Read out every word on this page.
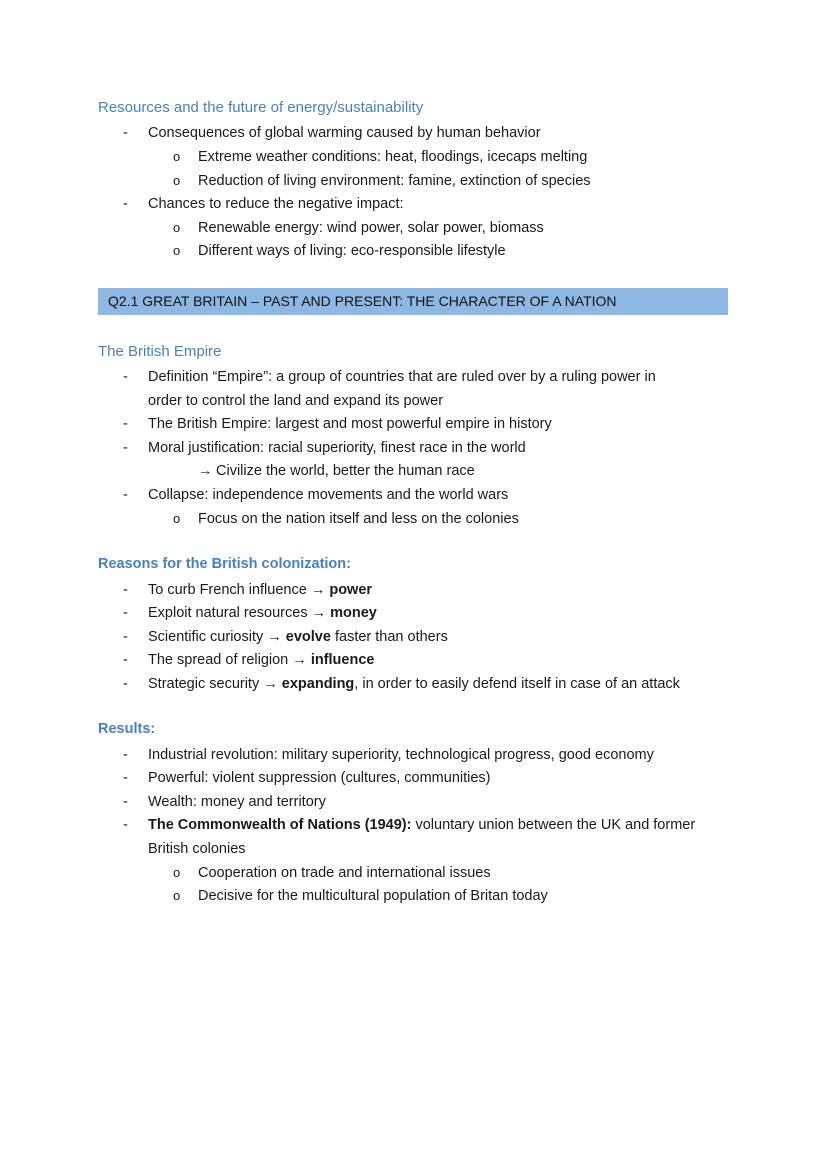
Resources and the future of energy/sustainability
-	Consequences of global warming caused by human behavior
o Extreme weather conditions: heat, floodings, icecaps melting
o Reduction of living environment: famine, extinction of species
-	Chances to reduce the negative impact:
o Renewable energy: wind power, solar power, biomass
o Different ways of living: eco-responsible lifestyle
Q2.1 GREAT BRITAIN – PAST AND PRESENT: THE CHARACTER OF A NATION
The British Empire
-	Definition “Empire”: a group of countries that are ruled over by a ruling power in
order to control the land and expand its power
-	The British Empire: largest and most powerful empire in history
-	Moral justification: racial superiority, finest race in the world
→ Civilize the world, better the human race
-	Collapse: independence movements and the world wars
o Focus on the nation itself and less on the colonies
Reasons for the British colonization:
-	To curb French influence → power
-	Exploit natural resources → money
-	Scientific curiosity → evolve faster than others
-	The spread of religion → influence
-	Strategic security → expanding, in order to easily defend itself in case of an attack
Results:
-	Industrial revolution: military superiority, technological progress, good economy
-	Powerful: violent suppression (cultures, communities)
-	Wealth: money and territory
-	The Commonwealth of Nations (1949): voluntary union between the UK and former
British colonies
o Cooperation on trade and international issues
o Decisive for the multicultural population of Britan today
